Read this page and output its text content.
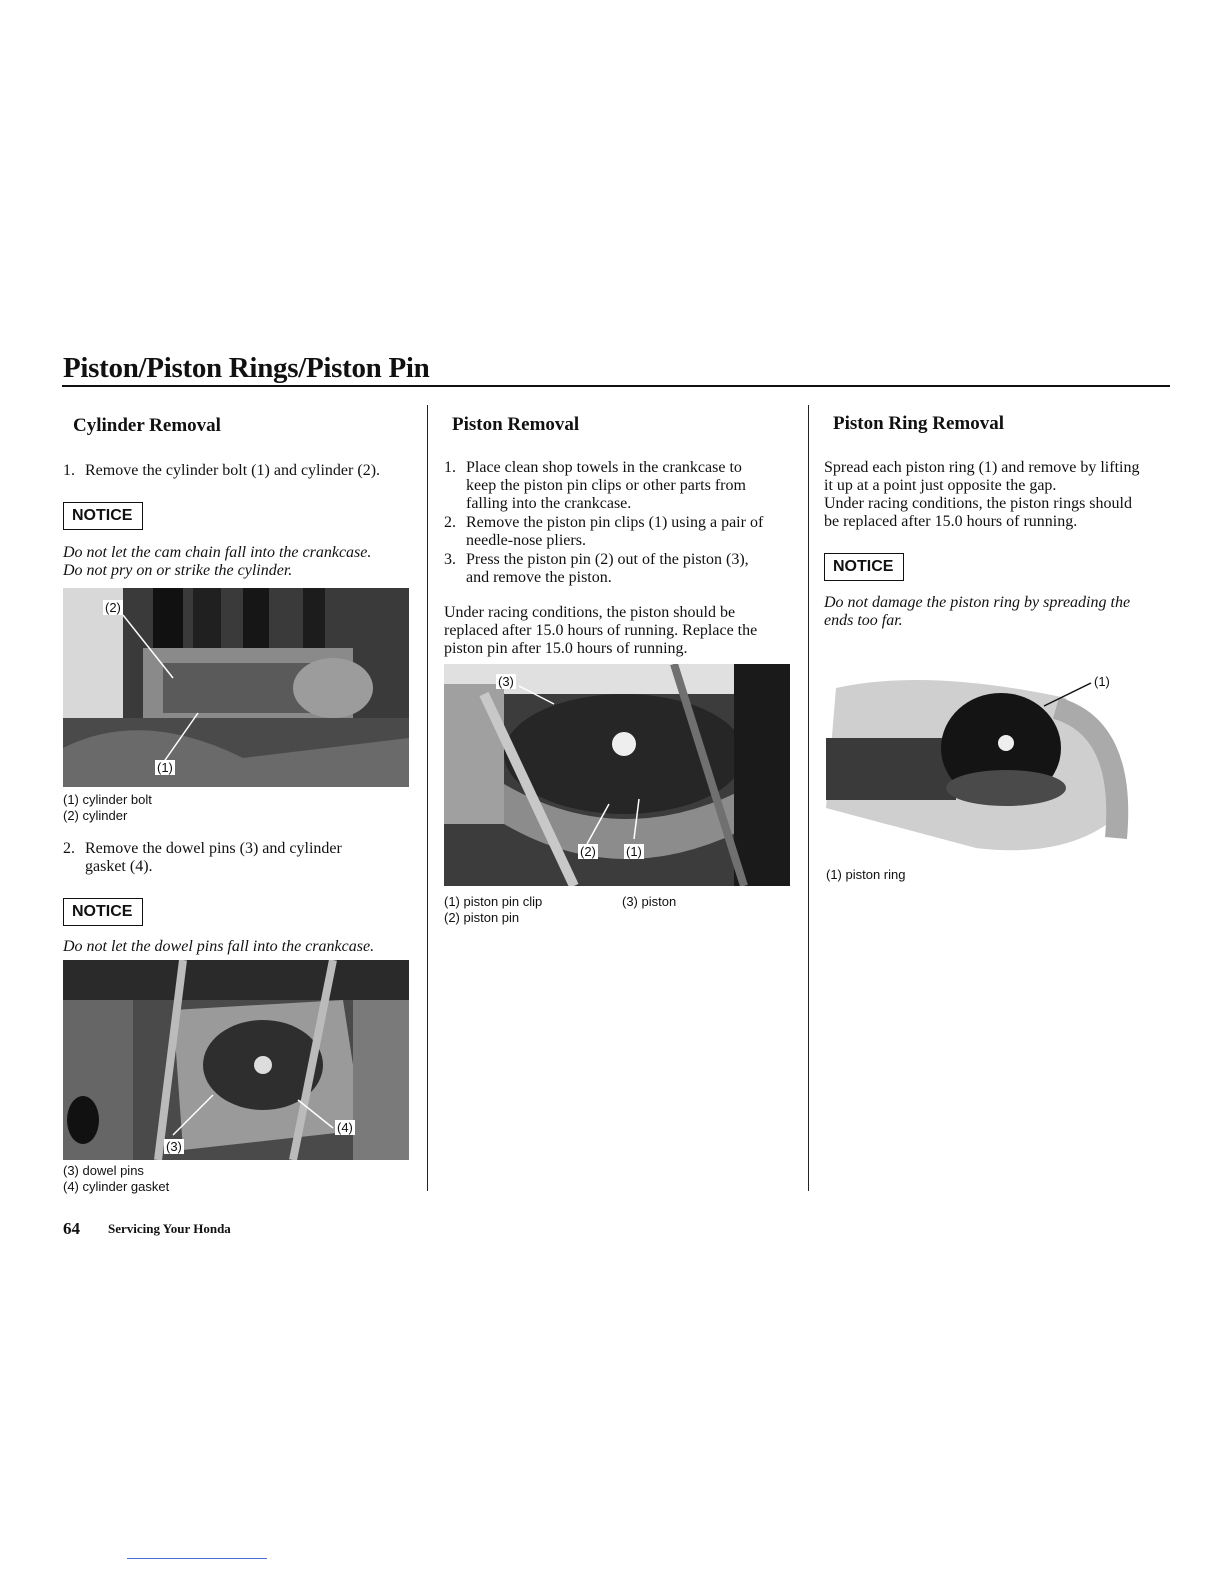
Piston/Piston Rings/Piston Pin
Cylinder Removal
1. Remove the cylinder bolt (1) and cylinder (2).
NOTICE
Do not let the cam chain fall into the crankcase.
Do not pry on or strike the cylinder.
(2)
(1)
(1) cylinder bolt
(2) cylinder
2. Remove the dowel pins (3) and cylinder
gasket (4).
NOTICE
Do not let the dowel pins fall into the crankcase.
(3)
(4)
(3) dowel pins
(4) cylinder gasket
Piston Removal
1. Place clean shop towels in the crankcase to
keep the piston pin clips or other parts from
falling into the crankcase.
2. Remove the piston pin clips (1) using a pair of
needle-nose pliers.
3. Press the piston pin (2) out of the piston (3),
and remove the piston.
Under racing conditions, the piston should be
replaced after 15.0 hours of running. Replace the
piston pin after 15.0 hours of running.
(3)
(2) (1)
(1) piston pin clip
(2) piston pin
(3) piston
Piston Ring Removal
Spread each piston ring (1) and remove by lifting
it up at a point just opposite the gap.
Under racing conditions, the piston rings should
be replaced after 15.0 hours of running.
NOTICE
Do not damage the piston ring by spreading the
ends too far.
(1)
(1) piston ring
64 Servicing Your Honda
